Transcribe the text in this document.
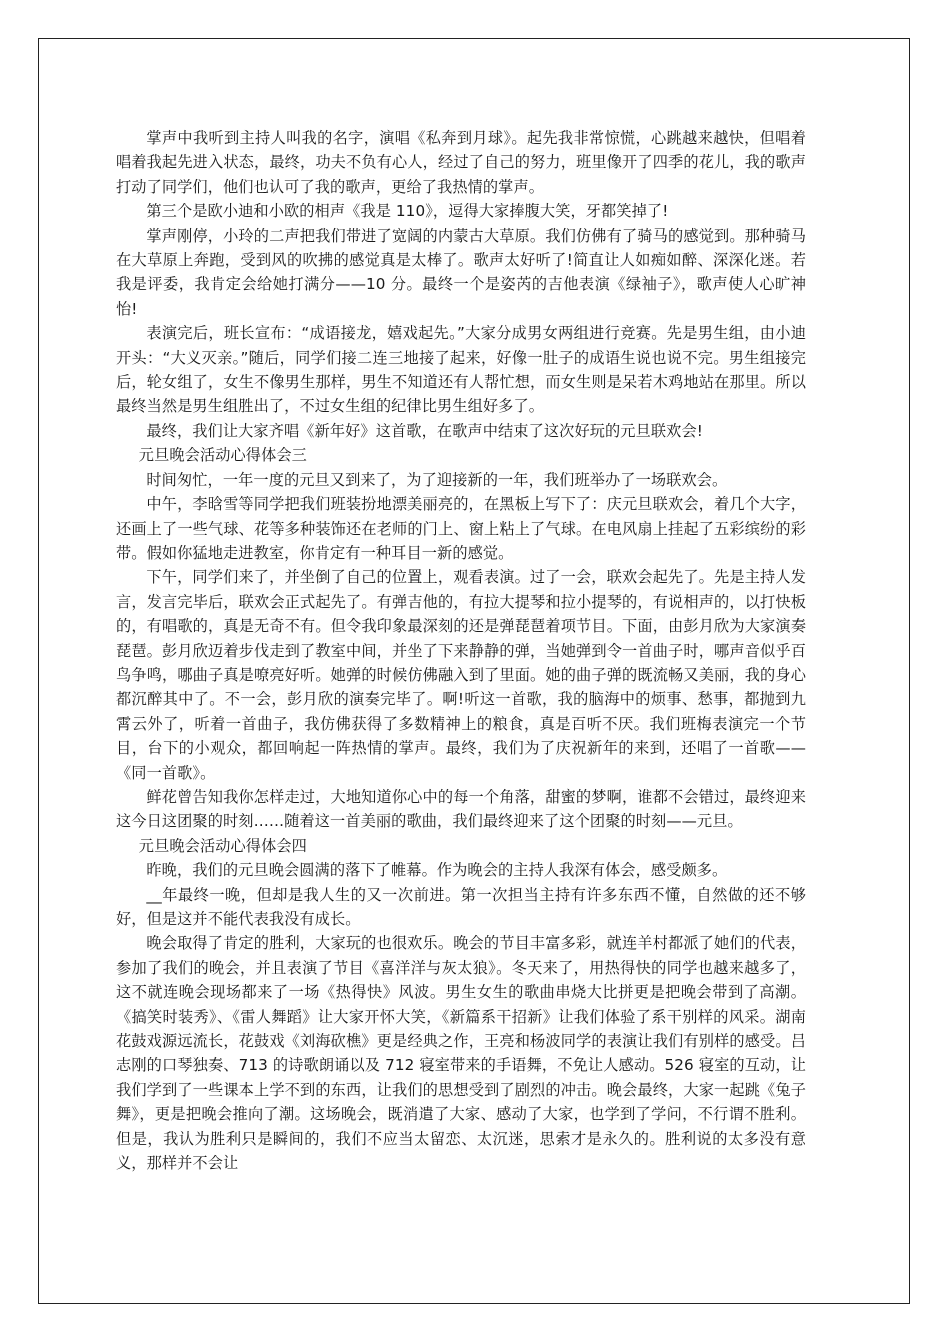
掌声中我听到主持人叫我的名字，演唱《私奔到月球》。起先我非常惊慌，心跳越来越快，但唱着唱着我起先进入状态，最终，功夫不负有心人，经过了自己的努力，班里像开了四季的花儿，我的歌声打动了同学们，他们也认可了我的歌声，更给了我热情的掌声。

第三个是欧小迪和小欧的相声《我是 110》，逗得大家捧腹大笑，牙都笑掉了!

掌声刚停，小玲的二声把我们带进了宽阔的内蒙古大草原。我们仿佛有了骑马的感觉到。那种骑马在大草原上奔跑，受到风的吹拂的感觉真是太棒了。歌声太好听了!简直让人如痴如醉、深深化迷。若我是评委，我肯定会给她打满分——10 分。最终一个是姿芮的吉他表演《绿袖子》，歌声使人心旷神怡!

表演完后，班长宣布：“成语接龙，嬉戏起先。”大家分成男女两组进行竞赛。先是男生组，由小迪开头：“大义灭亲。”随后，同学们接二连三地接了起来，好像一肚子的成语生说也说不完。男生组接完后，轮女组了，女生不像男生那样，男生不知道还有人帮忙想，而女生则是呆若木鸡地站在那里。所以最终当然是男生组胜出了，不过女生组的纪律比男生组好多了。

最终，我们让大家齐唱《新年好》这首歌，在歌声中结束了这次好玩的元旦联欢会!

元旦晚会活动心得体会三

时间匆忙，一年一度的元旦又到来了，为了迎接新的一年，我们班举办了一场联欢会。

中午，李晗雪等同学把我们班装扮地漂美丽亮的，在黑板上写下了：庆元旦联欢会，着几个大字，还画上了一些气球、花等多种装饰还在老师的门上、窗上粘上了气球。在电风扇上挂起了五彩缤纷的彩带。假如你猛地走进教室，你肯定有一种耳目一新的感觉。

下午，同学们来了，并坐倒了自己的位置上，观看表演。过了一会，联欢会起先了。先是主持人发言，发言完毕后，联欢会正式起先了。有弹吉他的，有拉大提琴和拉小提琴的，有说相声的，以打快板的，有唱歌的，真是无奇不有。但令我印象最深刻的还是弹琵琶着项节目。下面，由彭月欣为大家演奏琵琶。彭月欣迈着步伐走到了教室中间，并坐了下来静静的弹，当她弹到令一首曲子时，哪声音似乎百鸟争鸣，哪曲子真是嘹亮好听。她弹的时候仿佛融入到了里面。她的曲子弹的既流畅又美丽，我的身心都沉醉其中了。不一会，彭月欣的演奏完毕了。啊!听这一首歌，我的脑海中的烦事、愁事，都抛到九霄云外了，听着一首曲子，我仿佛获得了多数精神上的粮食，真是百听不厌。我们班梅表演完一个节目，台下的小观众，都回响起一阵热情的掌声。最终，我们为了庆祝新年的来到，还唱了一首歌——《同一首歌》。

鲜花曾告知我你怎样走过，大地知道你心中的每一个角落，甜蜜的梦啊，谁都不会错过，最终迎来这今日这团聚的时刻……随着这一首美丽的歌曲，我们最终迎来了这个团聚的时刻——元旦。

元旦晚会活动心得体会四

昨晚，我们的元旦晚会圆满的落下了帷幕。作为晚会的主持人我深有体会，感受颇多。

__年最终一晚，但却是我人生的又一次前进。第一次担当主持有许多东西不懂，自然做的还不够好，但是这并不能代表我没有成长。

晚会取得了肯定的胜利，大家玩的也很欢乐。晚会的节目丰富多彩，就连羊村都派了她们的代表，参加了我们的晚会，并且表演了节目《喜洋洋与灰太狼》。冬天来了，用热得快的同学也越来越多了，这不就连晚会现场都来了一场《热得快》风波。男生女生的歌曲串烧大比拼更是把晚会带到了高潮。《搞笑时装秀》、《雷人舞蹈》让大家开怀大笑，《新篇系干招新》让我们体验了系干别样的风采。湖南花鼓戏源远流长，花鼓戏《刘海砍樵》更是经典之作，王亮和杨波同学的表演让我们有别样的感受。吕志刚的口琴独奏、713 的诗歌朗诵以及 712 寝室带来的手语舞，不免让人感动。526 寝室的互动，让我们学到了一些课本上学不到的东西，让我们的思想受到了剧烈的冲击。晚会最终，大家一起跳《兔子舞》，更是把晚会推向了潮。这场晚会，既消遣了大家、感动了大家，也学到了学问，不行谓不胜利。但是，我认为胜利只是瞬间的，我们不应当太留恋、太沉迷，思索才是永久的。胜利说的太多没有意义，那样并不会让
